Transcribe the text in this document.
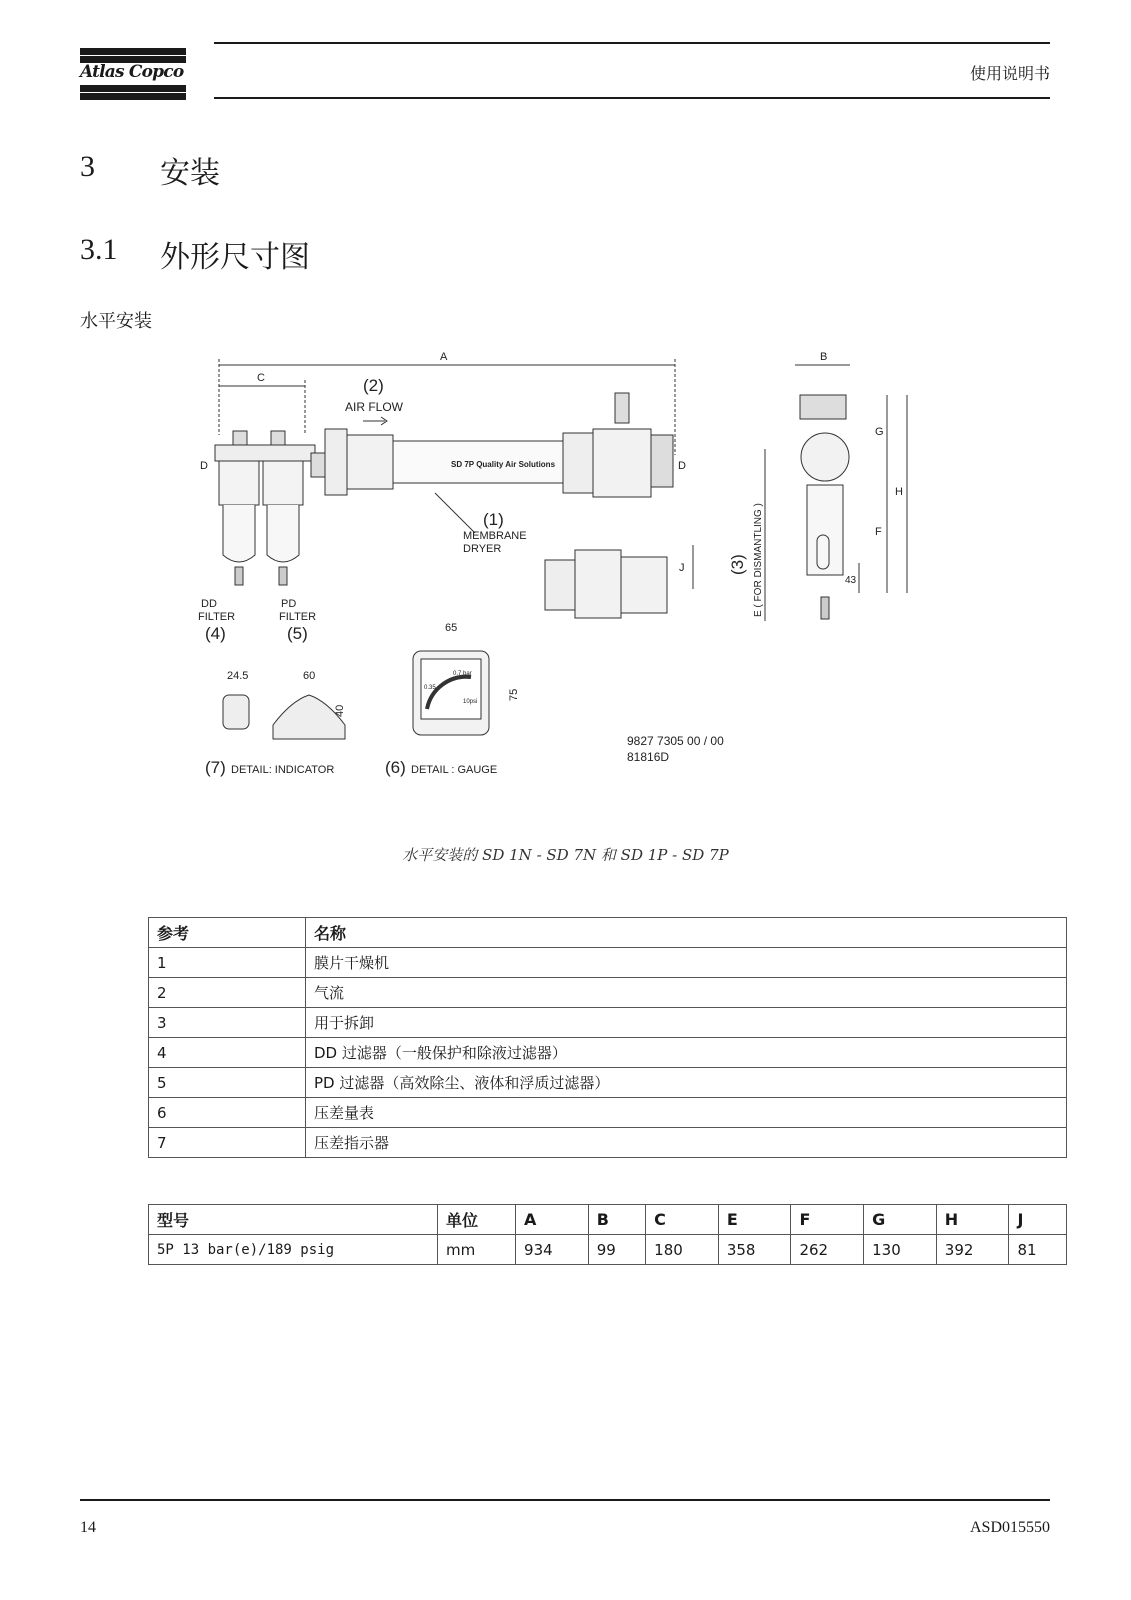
Atlas Copco	使用说明书
3 安装
3.1 外形尺寸图
水平安装
A
C	(2)
AIR FLOW
D	SD 7P Quality Air Solutions	D
(1)
MEMBRANE
DRYER
J
DD
FILTER
(4)
PD
FILTER
(5)
B
G
H
F
43
(3) E ( FOR DISMANTLING )
24.5	60
40
(7) DETAIL: INDICATOR
65
75
0.7 bar
0.35
10psi
(6) DETAIL : GAUGE
9827 7305 00 / 00
81816D
水平安装的 SD 1N - SD 7N 和 SD 1P - SD 7P
参考	名称
1	膜片干燥机
2	气流
3	用于拆卸
4	DD 过滤器（一般保护和除液过滤器）
5	PD 过滤器（高效除尘、液体和浮质过滤器）
6	压差量表
7	压差指示器
型号	单位	A	B	C	E	F	G	H	J
5P 13 bar(e)/189 psig	mm	934	99	180	358	262	130	392	81
14	ASD015550
